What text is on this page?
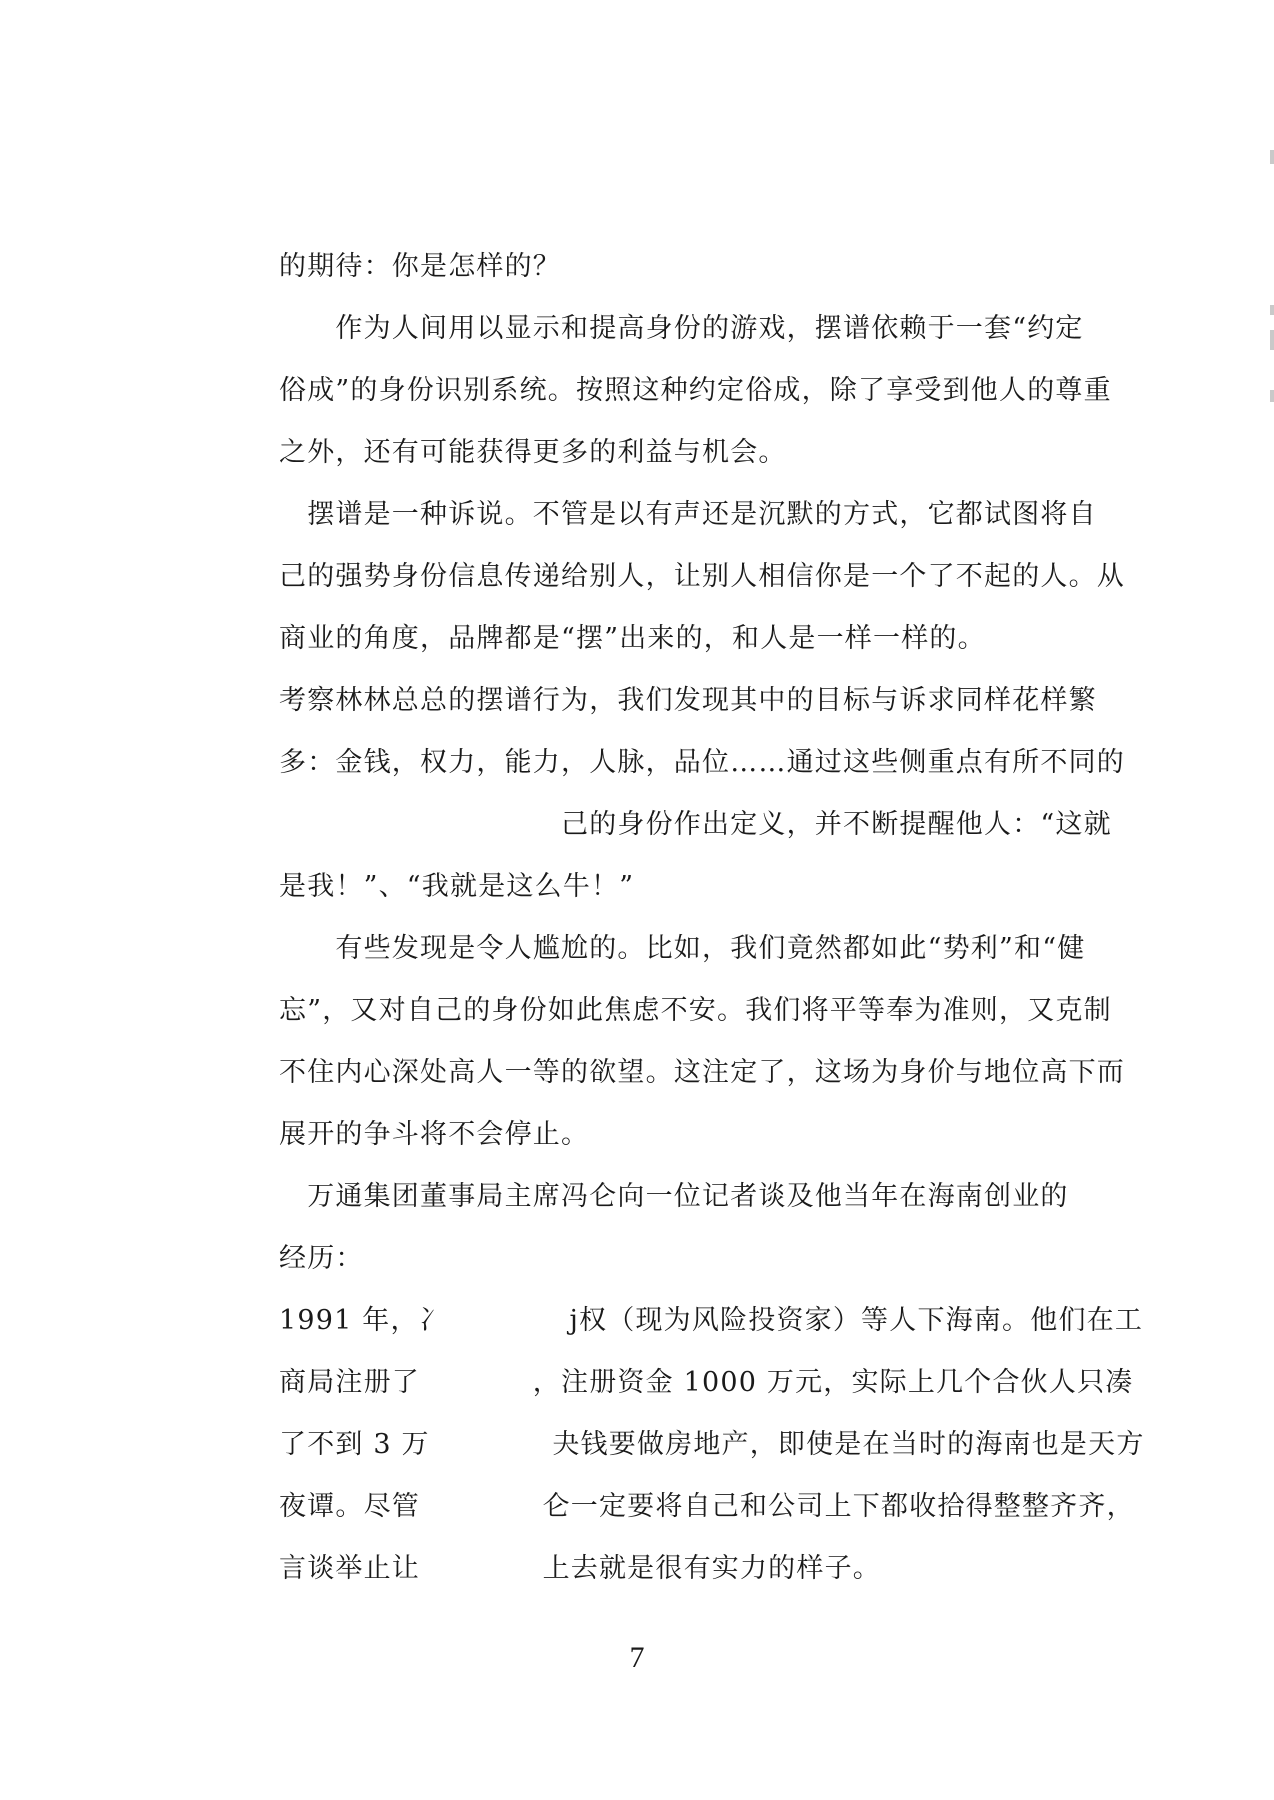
的期待：你是怎样的？
　　作为人间用以显示和提高身份的游戏，摆谱依赖于一套“约定
俗成”的身份识别系统。按照这种约定俗成，除了享受到他人的尊重
之外，还有可能获得更多的利益与机会。
　摆谱是一种诉说。不管是以有声还是沉默的方式，它都试图将自
己的强势身份信息传递给别人，让别人相信你是一个了不起的人。从
商业的角度，品牌都是“摆”出来的，和人是一样一样的。
考察林林总总的摆谱行为，我们发现其中的目标与诉求同样花样繁
多：金钱，权力，能力，人脉，品位……通过这些侧重点有所不同的
　　　　　　　　　　己的身份作出定义，并不断提醒他人：“这就
是我！”、“我就是这么牛！”
　　有些发现是令人尴尬的。比如，我们竟然都如此“势利”和“健
忘”，又对自己的身份如此焦虑不安。我们将平等奉为准则，又克制
不住内心深处高人一等的欲望。这注定了，这场为身价与地位高下而
展开的争斗将不会停止。
　万通集团董事局主席冯仑向一位记者谈及他当年在海南创业的
经历：
1991 年，冫　　　　 j权（现为风险投资家）等人下海南。他们在工
商局注册了　　　　，注册资金 1000 万元，实际上几个合伙人只凑
了不到 3 万　　　　 夬钱要做房地产，即使是在当时的海南也是天方
夜谭。尽管　　　　 仑一定要将自己和公司上下都收拾得整整齐齐，
言谈举止让　　　　 上去就是很有实力的样子。
7
